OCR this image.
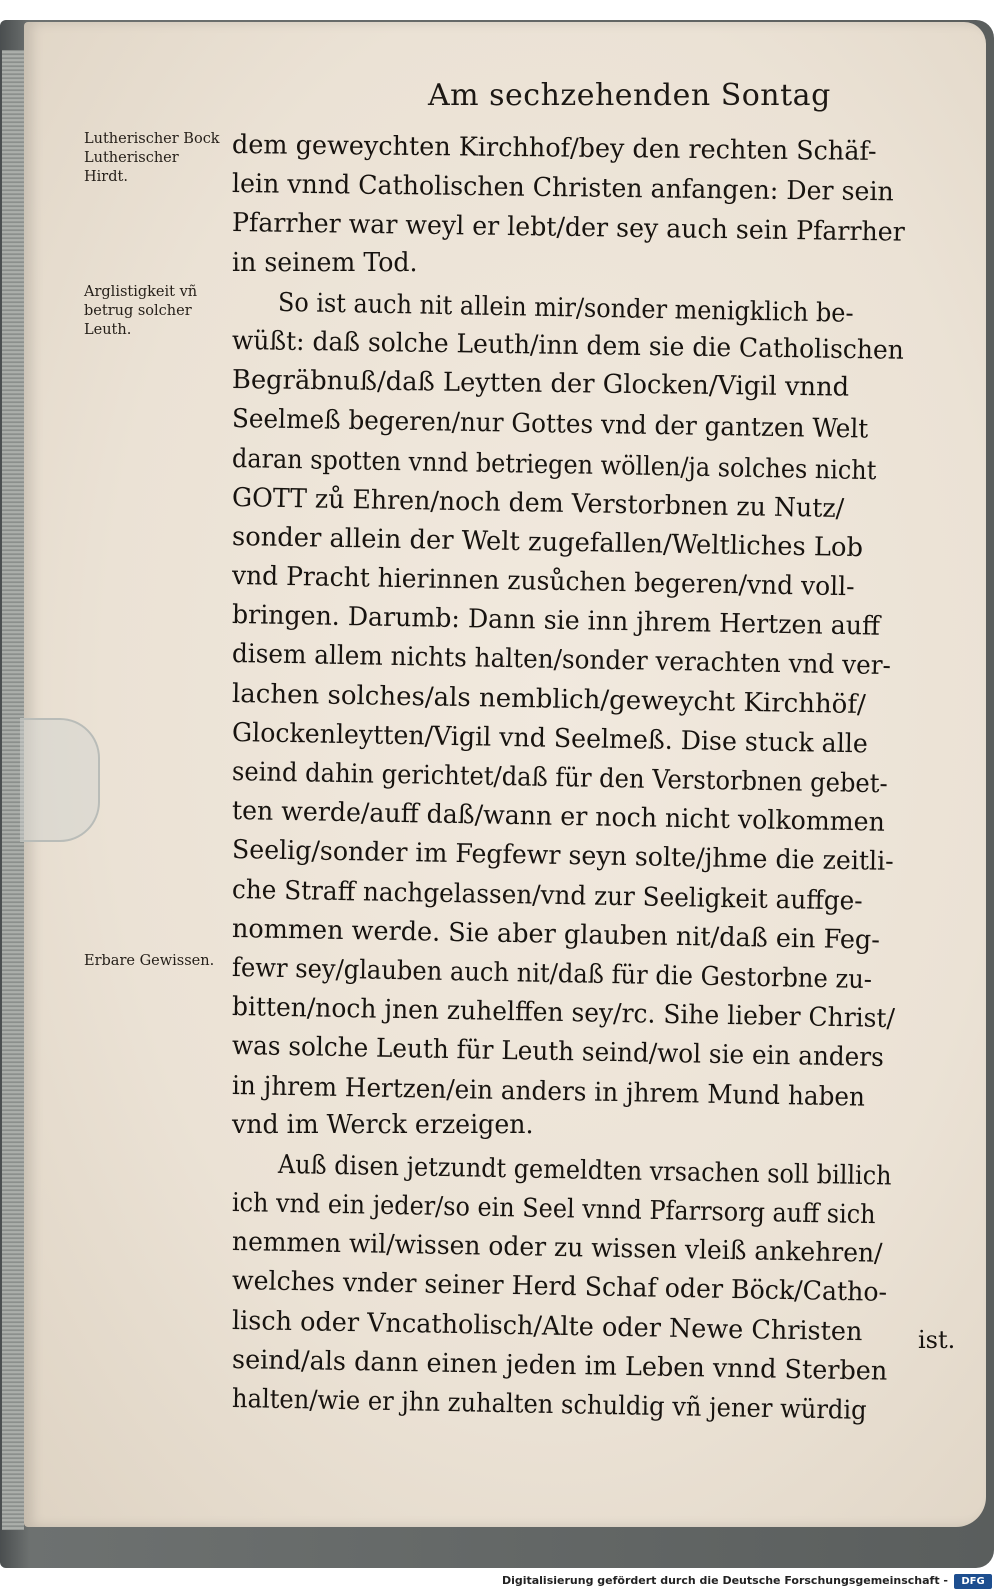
Am sechzehenden Sontag
Lutherischer Bock Lutherischer Hirdt.
Arglistigkeit vñ betrug solcher Leuth.
Erbare Gewissen.
dem geweychten Kirchhof/bey den rechten Schäf-
lein vnnd Catholischen Christen anfangen: Der sein
Pfarrher war weyl er lebt/der sey auch sein Pfarrher
in seinem Tod.
So ist auch nit allein mir/sonder menigklich be-
wüßt: daß solche Leuth/inn dem sie die Catholischen
Begräbnuß/daß Leytten der Glocken/Vigil vnnd
Seelmeß begeren/nur Gottes vnd der gantzen Welt
daran spotten vnnd betriegen wöllen/ja solches nicht
GOTT zů Ehren/noch dem Verstorbnen zu Nutz/
sonder allein der Welt zugefallen/Weltliches Lob
vnd Pracht hierinnen zusůchen begeren/vnd voll-
bringen. Darumb: Dann sie inn jhrem Hertzen auff
disem allem nichts halten/sonder verachten vnd ver-
lachen solches/als nemblich/geweycht Kirchhöf/
Glockenleytten/Vigil vnd Seelmeß. Dise stuck alle
seind dahin gerichtet/daß für den Verstorbnen gebet-
ten werde/auff daß/wann er noch nicht volkommen
Seelig/sonder im Fegfewr seyn solte/jhme die zeitli-
che Straff nachgelassen/vnd zur Seeligkeit auffge-
nommen werde. Sie aber glauben nit/daß ein Feg-
fewr sey/glauben auch nit/daß für die Gestorbne zu-
bitten/noch jnen zuhelffen sey/rc. Sihe lieber Christ/
was solche Leuth für Leuth seind/wol sie ein anders
in jhrem Hertzen/ein anders in jhrem Mund haben
vnd im Werck erzeigen.
Auß disen jetzundt gemeldten vrsachen soll billich
ich vnd ein jeder/so ein Seel vnnd Pfarrsorg auff sich
nemmen wil/wissen oder zu wissen vleiß ankehren/
welches vnder seiner Herd Schaf oder Böck/Catho-
lisch oder Vncatholisch/Alte oder Newe Christen
seind/als dann einen jeden im Leben vnnd Sterben
halten/wie er jhn zuhalten schuldig vñ jener würdig
ist.
Digitalisierung gefördert durch die Deutsche Forschungsgemeinschaft -	DFG
